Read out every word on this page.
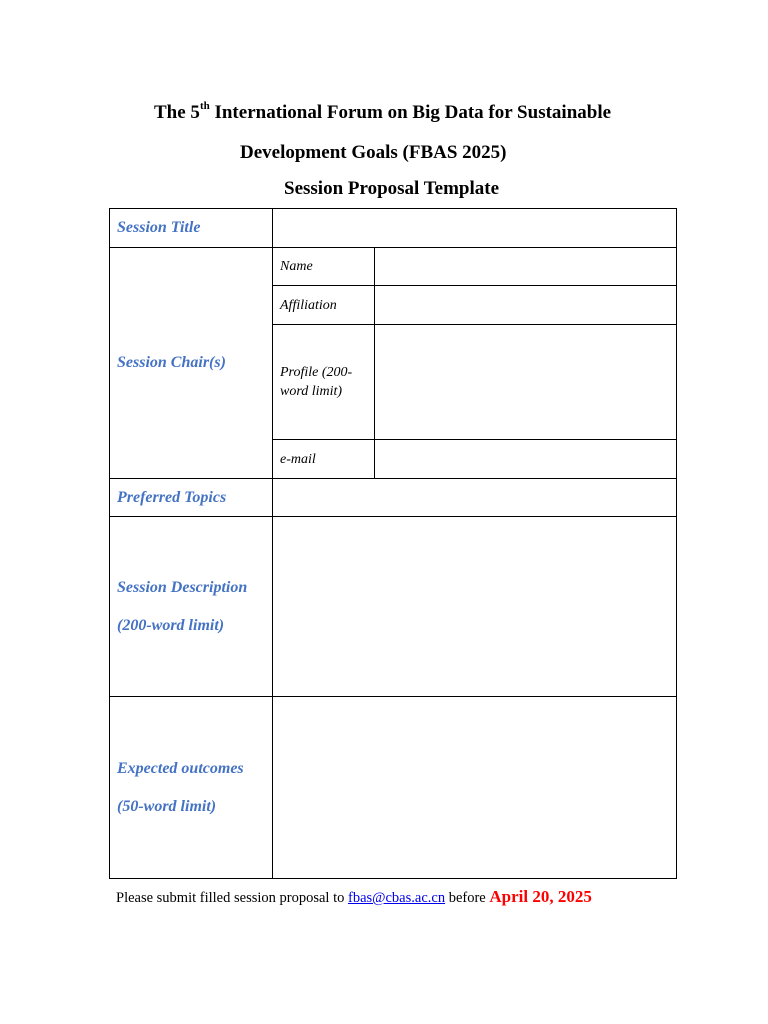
The 5th International Forum on Big Data for Sustainable
Development Goals (FBAS 2025)
Session Proposal Template
Session Title		
Session Chair(s)	Name	
	Affiliation	
	Profile (200-word limit)	
	e-mail	
Preferred Topics		
Session Description
(200-word limit)		

Expected outcomes
(50-word limit)		

Please submit filled session proposal to fbas@cbas.ac.cn before April 20, 2025
